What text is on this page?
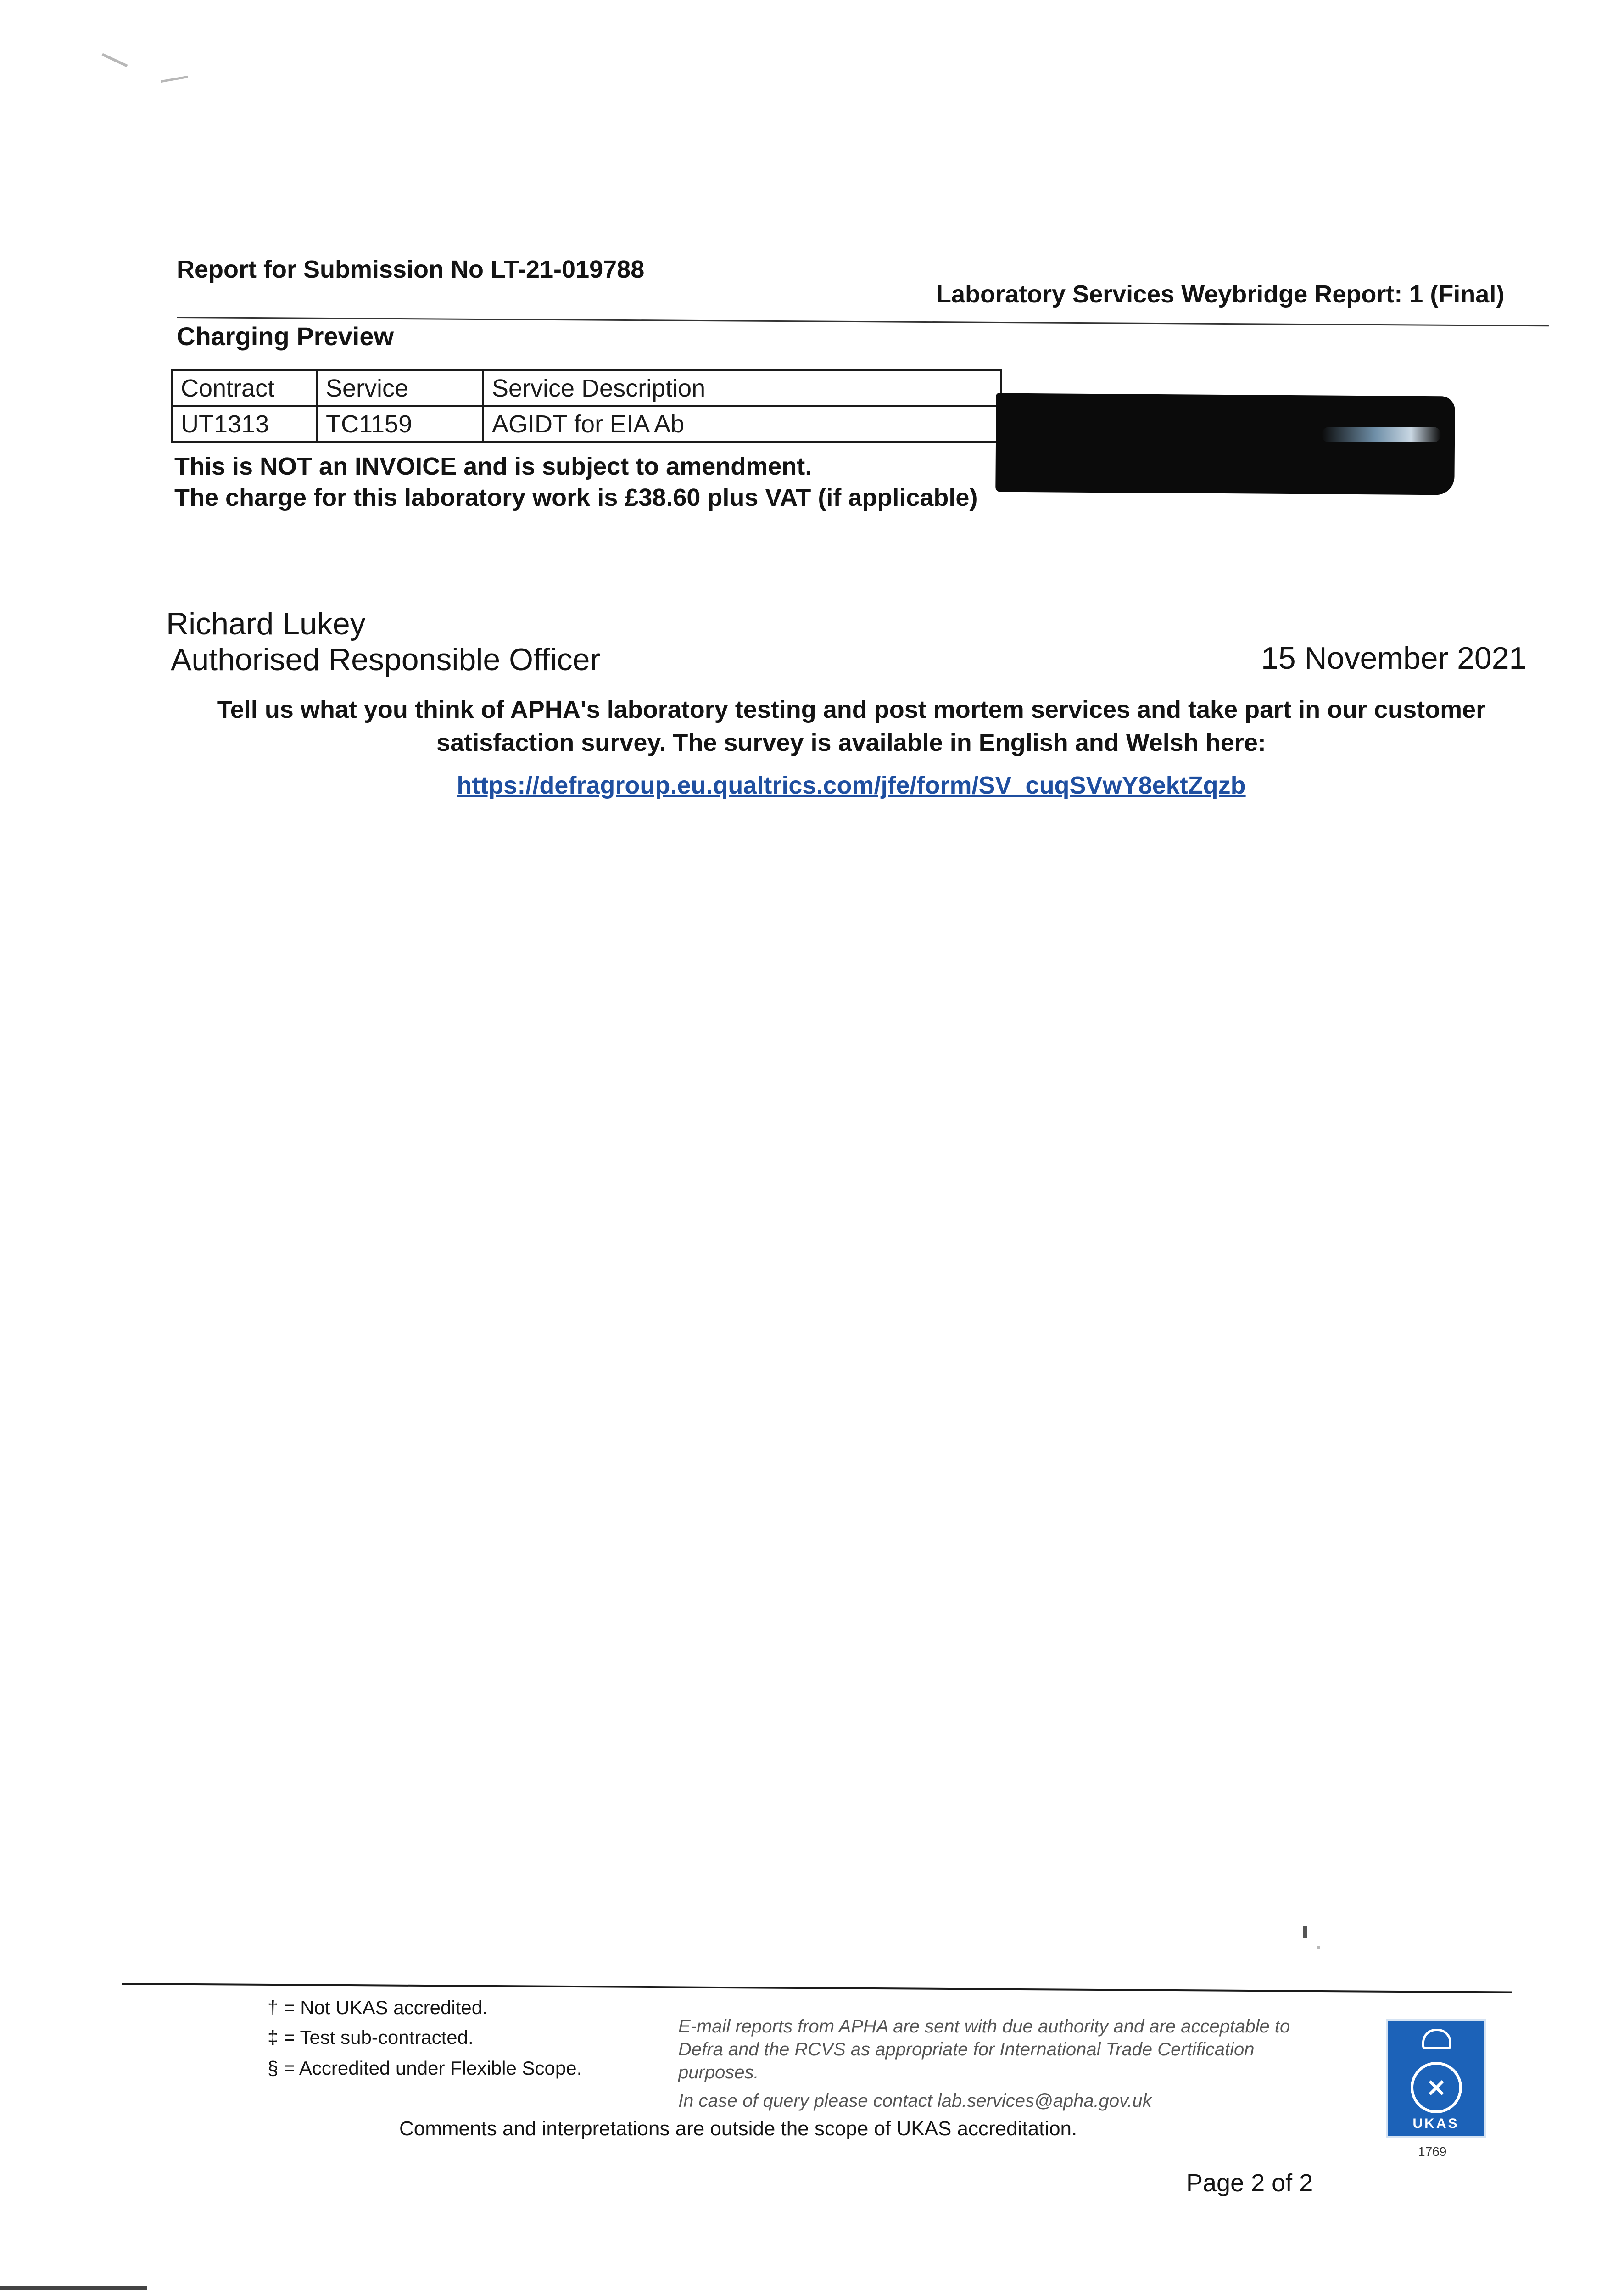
Report for Submission No LT-21-019788
Laboratory Services Weybridge Report: 1 (Final)
Charging Preview
Contract	Service	Service Description
UT1313	TC1159	AGIDT for EIA Ab
This is NOT an INVOICE and is subject to amendment.
The charge for this laboratory work is £38.60 plus VAT (if applicable)
Richard Lukey
Authorised Responsible Officer	15 November 2021
Tell us what you think of APHA's laboratory testing and post mortem services and take part in our customer satisfaction survey. The survey is available in English and Welsh here:
https://defragroup.eu.qualtrics.com/jfe/form/SV_cuqSVwY8ektZqzb
† = Not UKAS accredited.
‡ = Test sub-contracted.
§ = Accredited under Flexible Scope.
E-mail reports from APHA are sent with due authority and are acceptable to Defra and the RCVS as appropriate for International Trade Certification purposes.
In case of query please contact lab.services@apha.gov.uk
Comments and interpretations are outside the scope of UKAS accreditation.
Page 2 of 2
⨯
UKAS
1769
